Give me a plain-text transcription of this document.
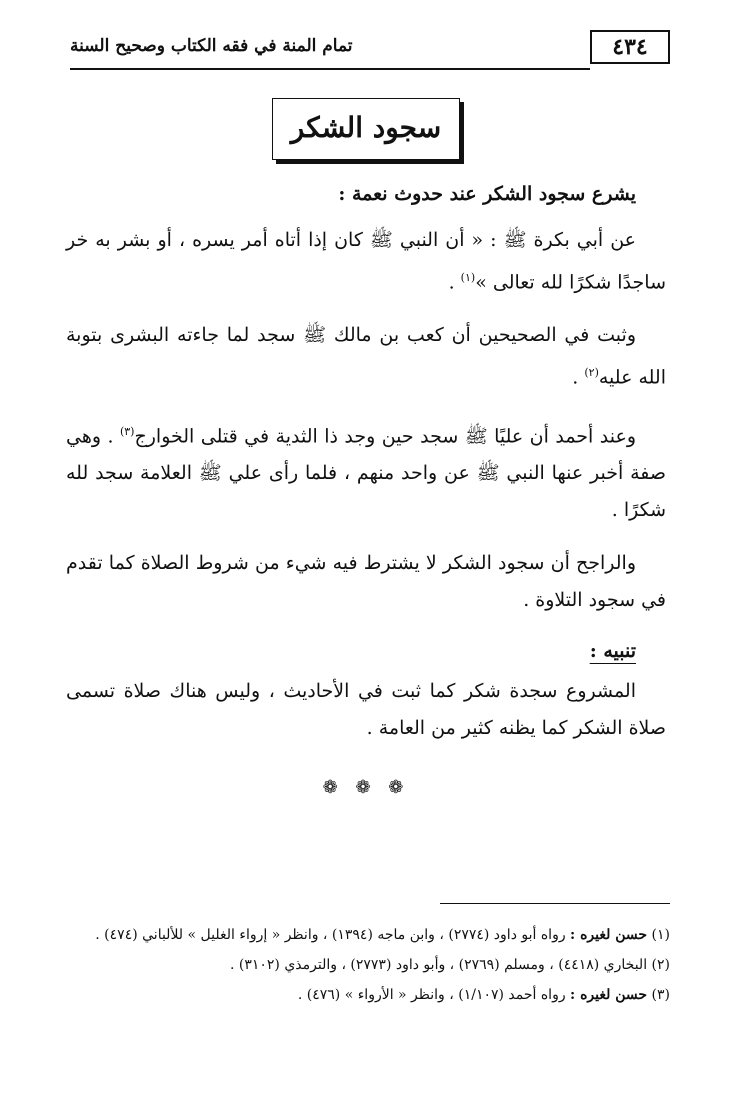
٤٣٤
تمام المنة في فقه الكتاب وصحيح السنة
سجود الشكر
يشرع سجود الشكر عند حدوث نعمة :

عن أبي بكرة ﷺ : « أن النبي ﷺ كان إذا أتاه أمر يسره ، أو بشر به خر ساجدًا شكرًا لله تعالى »$^{(١)}$ .

وثبت في الصحيحين أن كعب بن مالك ﷺ سجد لما جاءته البشرى بتوبة الله عليه$^{(٢)}$ .

وعند أحمد أن عليًا ﷺ سجد حين وجد ذا الثدية في قتلى الخوارج$^{(٣)}$ . وهي صفة أخبر عنها النبي ﷺ عن واحد منهم ، فلما رأى علي ﷺ العلامة سجد لله شكرًا .

والراجح أن سجود الشكر لا يشترط فيه شيء من شروط الصلاة كما تقدم في سجود التلاوة .

تنبيه :

المشروع سجدة شكر كما ثبت في الأحاديث ، وليس هناك صلاة تسمى صلاة الشكر كما يظنه كثير من العامة .

❁ ❁ ❁
(١) حسن لغيره : رواه أبو داود (٢٧٧٤) ، وابن ماجه (١٣٩٤) ، وانظر « إرواء الغليل » للألباني (٤٧٤) .
(٢) البخاري (٤٤١٨) ، ومسلم (٢٧٦٩) ، وأبو داود (٢٧٧٣) ، والترمذي (٣١٠٢) .
(٣) حسن لغيره : رواه أحمد (١/١٠٧) ، وانظر « الأرواء » (٤٧٦) .
